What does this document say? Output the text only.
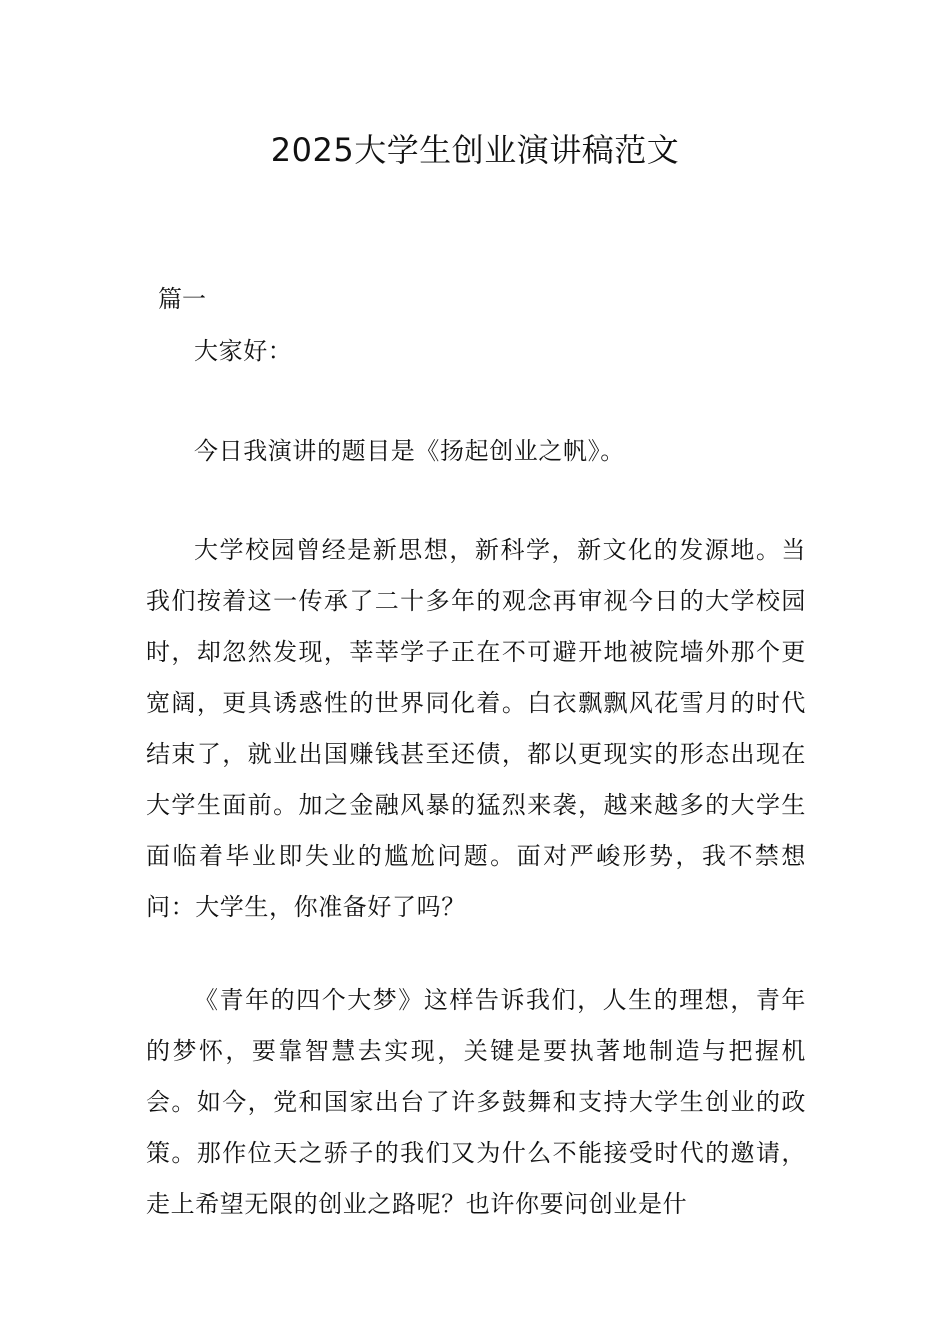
2025大学生创业演讲稿范文

篇一

大家好：

今日我演讲的题目是《扬起创业之帆》。

大学校园曾经是新思想，新科学，新文化的发源地。当我们按着这一传承了二十多年的观念再审视今日的大学校园时，却忽然发现，莘莘学子正在不可避开地被院墙外那个更宽阔，更具诱惑性的世界同化着。白衣飘飘风花雪月的时代结束了，就业出国赚钱甚至还债，都以更现实的形态出现在大学生面前。加之金融风暴的猛烈来袭，越来越多的大学生面临着毕业即失业的尴尬问题。面对严峻形势，我不禁想问：大学生，你准备好了吗？

《青年的四个大梦》这样告诉我们，人生的理想，青年的梦怀，要靠智慧去实现，关键是要执著地制造与把握机会。如今，党和国家出台了许多鼓舞和支持大学生创业的政策。那作位天之骄子的我们又为什么不能接受时代的邀请，走上希望无限的创业之路呢？也许你要问创业是什
